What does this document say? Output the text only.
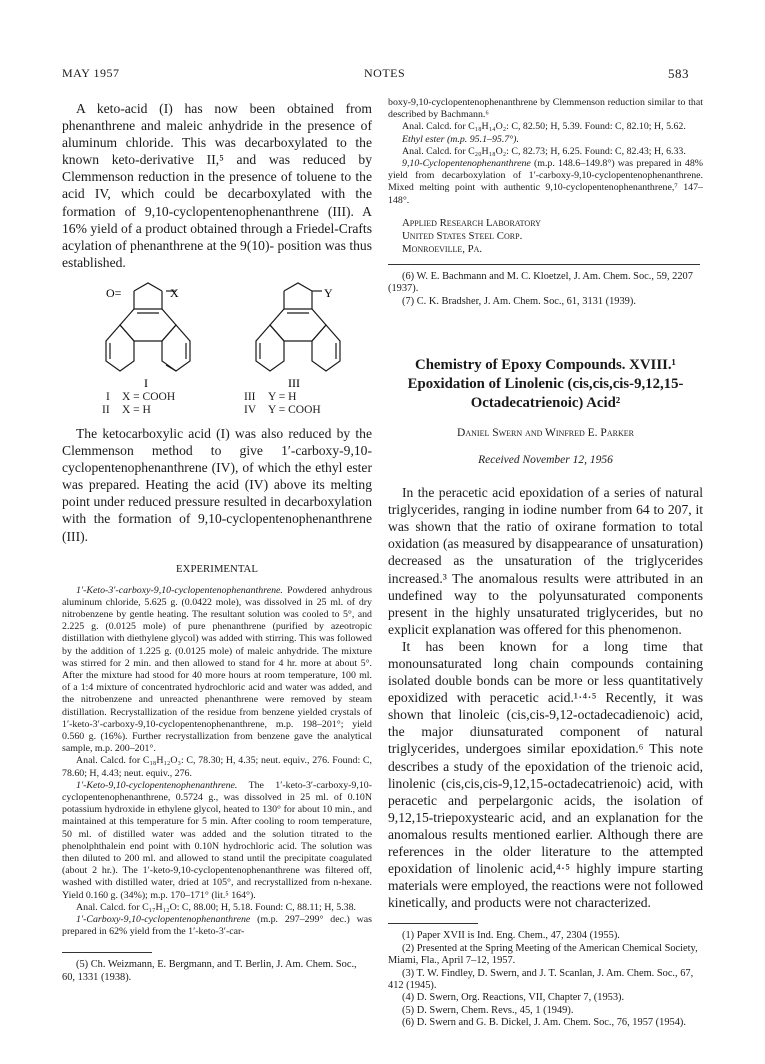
MAY 1957	NOTES	583

A keto-acid (I) has now been obtained from phenanthrene and maleic anhydride in the presence of aluminum chloride. This was decarboxylated to the known keto-derivative II,⁵ and was reduced by Clemmenson reduction in the presence of toluene to the acid IV, which could be decarboxylated with the formation of 9,10-cyclopentenophenanthrene (III). A 16% yield of a product obtained through a Friedel-Crafts acylation of phenanthrene at the 9(10)- position was thus established.

O=	X
I
Y
III
I X = COOH
II X = H
III Y = H
IV Y = COOH

The ketocarboxylic acid (I) was also reduced by the Clemmenson method to give 1′-carboxy-9,10-cyclopentenophenanthrene (IV), of which the ethyl ester was prepared. Heating the acid (IV) above its melting point under reduced pressure resulted in decarboxylation with the formation of 9,10-cyclopentenophenanthrene (III).

EXPERIMENTAL

1′-Keto-3′-carboxy-9,10-cyclopentenophenanthrene. Powdered anhydrous aluminum chloride, 5.625 g. (0.0422 mole), was dissolved in 25 ml. of dry nitrobenzene by gentle heating. The resultant solution was cooled to 5°, and 2.225 g. (0.0125 mole) of pure phenanthrene (purified by azeotropic distillation with diethylene glycol) was added with stirring. This was followed by the addition of 1.225 g. (0.0125 mole) of maleic anhydride. The mixture was stirred for 2 min. and then allowed to stand for 4 hr. more at about 5°. After the mixture had stood for 40 more hours at room temperature, 100 ml. of a 1:4 mixture of concentrated hydrochloric acid and water was added, and the nitrobenzene and unreacted phenanthrene were removed by steam distillation. Recrystallization of the residue from benzene yielded crystals of 1′-keto-3′-carboxy-9,10-cyclopentenophenanthrene, m.p. 198–201°; yield 0.560 g. (16%). Further recrystallization from benzene gave the analytical sample, m.p. 200–201°.

Anal. Calcd. for C₁₈H₁₂O₃: C, 78.30; H, 4.35; neut. equiv., 276. Found: C, 78.60; H, 4.43; neut. equiv., 276.

1′-Keto-9,10-cyclopentenophenanthrene. The 1′-keto-3′-carboxy-9,10-cyclopentenophenanthrene, 0.5724 g., was dissolved in 25 ml. of 0.10N potassium hydroxide in ethylene glycol, heated to 130° for about 10 min., and maintained at this temperature for 5 min. After cooling to room temperature, 50 ml. of distilled water was added and the solution titrated to the phenolphthalein end point with 0.10N hydrochloric acid. The solution was then diluted to 200 ml. and allowed to stand until the precipitate coagulated (about 2 hr.). The 1′-keto-9,10-cyclopentenophenanthrene was filtered off, washed with distilled water, dried at 105°, and recrystallized from n-hexane. Yield 0.160 g. (34%); m.p. 170–171° (lit.⁵ 164°).

Anal. Calcd. for C₁₇H₁₂O: C, 88.00; H, 5.18. Found: C, 88.11; H, 5.38.

1′-Carboxy-9,10-cyclopentenophenanthrene (m.p. 297–299° dec.) was prepared in 62% yield from the 1′-keto-3′-car-

(5) Ch. Weizmann, E. Bergmann, and T. Berlin, J. Am. Chem. Soc., 60, 1331 (1938).

boxy-9,10-cyclopentenophenanthrene by Clemmenson reduction similar to that described by Bachmann.⁶

Anal. Calcd. for C₁₈H₁₄O₂: C, 82.50; H, 5.39. Found: C, 82.10; H, 5.62.

Ethyl ester (m.p. 95.1–95.7°).

Anal. Calcd. for C₂₀H₁₈O₂: C, 82.73; H, 6.25. Found: C, 82.43; H, 6.33.

9,10-Cyclopentenophenanthrene (m.p. 148.6–149.8°) was prepared in 48% yield from decarboxylation of 1′-carboxy-9,10-cyclopentenophenanthrene. Mixed melting point with authentic 9,10-cyclopentenophenanthrene,⁷ 147–148°.

Applied Research Laboratory

United States Steel Corp.

Monroeville, Pa.

(6) W. E. Bachmann and M. C. Kloetzel, J. Am. Chem. Soc., 59, 2207 (1937).

(7) C. K. Bradsher, J. Am. Chem. Soc., 61, 3131 (1939).

Chemistry of Epoxy Compounds. XVIII.¹

Epoxidation of Linolenic (cis,cis,cis-9,12,15-

Octadecatrienoic) Acid²

Daniel Swern and Winfred E. Parker

Received November 12, 1956

In the peracetic acid epoxidation of a series of natural triglycerides, ranging in iodine number from 64 to 207, it was shown that the ratio of oxirane formation to total oxidation (as measured by disappearance of unsaturation) decreased as the unsaturation of the triglycerides increased.³ The anomalous results were attributed in an undefined way to the polyunsaturated components present in the highly unsaturated triglycerides, but no explicit explanation was offered for this phenomenon.

It has been known for a long time that monounsaturated long chain compounds containing isolated double bonds can be more or less quantitatively epoxidized with peracetic acid.¹·⁴·⁵ Recently, it was shown that linoleic (cis,cis-9,12-octadecadienoic) acid, the major diunsaturated component of natural triglycerides, undergoes similar epoxidation.⁶ This note describes a study of the epoxidation of the trienoic acid, linolenic (cis,cis,cis-9,12,15-octadecatrienoic) acid, with peracetic and perpelargonic acids, the isolation of 9,12,15-triepoxystearic acid, and an explanation for the anomalous results mentioned earlier. Although there are references in the older literature to the attempted epoxidation of linolenic acid,⁴·⁵ highly impure starting materials were employed, the reactions were not followed kinetically, and products were not characterized.

(1) Paper XVII is Ind. Eng. Chem., 47, 2304 (1955).

(2) Presented at the Spring Meeting of the American Chemical Society, Miami, Fla., April 7–12, 1957.

(3) T. W. Findley, D. Swern, and J. T. Scanlan, J. Am. Chem. Soc., 67, 412 (1945).

(4) D. Swern, Org. Reactions, VII, Chapter 7, (1953).

(5) D. Swern, Chem. Revs., 45, 1 (1949).

(6) D. Swern and G. B. Dickel, J. Am. Chem. Soc., 76, 1957 (1954).
